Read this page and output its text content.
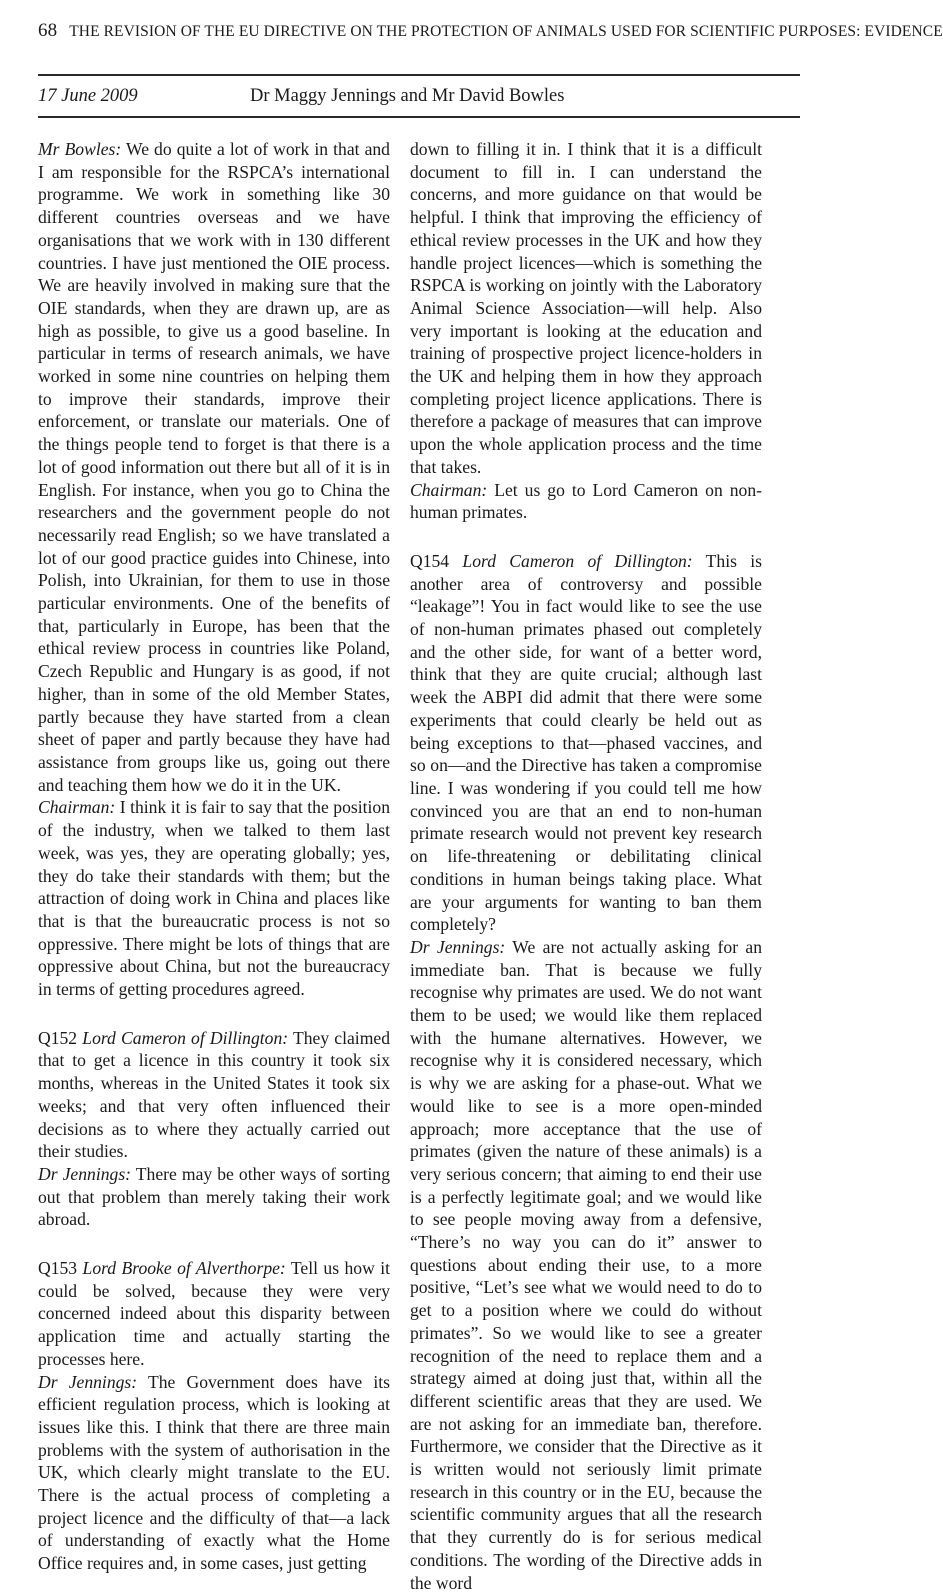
68 THE REVISION OF THE EU DIRECTIVE ON THE PROTECTION OF ANIMALS USED FOR SCIENTIFIC PURPOSES: EVIDENCE
17 June 2009	Dr Maggy Jennings and Mr David Bowles

Mr Bowles: We do quite a lot of work in that and I am responsible for the RSPCA’s international programme. We work in something like 30 different countries overseas and we have organisations that we work with in 130 different countries. I have just mentioned the OIE process. We are heavily involved in making sure that the OIE standards, when they are drawn up, are as high as possible, to give us a good baseline. In particular in terms of research animals, we have worked in some nine countries on helping them to improve their standards, improve their enforcement, or translate our materials. One of the things people tend to forget is that there is a lot of good information out there but all of it is in English. For instance, when you go to China the researchers and the government people do not necessarily read English; so we have translated a lot of our good practice guides into Chinese, into Polish, into Ukrainian, for them to use in those particular environments. One of the benefits of that, particularly in Europe, has been that the ethical review process in countries like Poland, Czech Republic and Hungary is as good, if not higher, than in some of the old Member States, partly because they have started from a clean sheet of paper and partly because they have had assistance from groups like us, going out there and teaching them how we do it in the UK.

Chairman: I think it is fair to say that the position of the industry, when we talked to them last week, was yes, they are operating globally; yes, they do take their standards with them; but the attraction of doing work in China and places like that is that the bureaucratic process is not so oppressive. There might be lots of things that are oppressive about China, but not the bureaucracy in terms of getting procedures agreed.

Q152 Lord Cameron of Dillington: They claimed that to get a licence in this country it took six months, whereas in the United States it took six weeks; and that very often influenced their decisions as to where they actually carried out their studies.

Dr Jennings: There may be other ways of sorting out that problem than merely taking their work abroad.

Q153 Lord Brooke of Alverthorpe: Tell us how it could be solved, because they were very concerned indeed about this disparity between application time and actually starting the processes here.

Dr Jennings: The Government does have its efficient regulation process, which is looking at issues like this. I think that there are three main problems with the system of authorisation in the UK, which clearly might translate to the EU. There is the actual process of completing a project licence and the difficulty of that—a lack of understanding of exactly what the Home Office requires and, in some cases, just getting

down to filling it in. I think that it is a difficult document to fill in. I can understand the concerns, and more guidance on that would be helpful. I think that improving the efficiency of ethical review processes in the UK and how they handle project licences—which is something the RSPCA is working on jointly with the Laboratory Animal Science Association—will help. Also very important is looking at the education and training of prospective project licence-holders in the UK and helping them in how they approach completing project licence applications. There is therefore a package of measures that can improve upon the whole application process and the time that takes.

Chairman: Let us go to Lord Cameron on non-human primates.

Q154 Lord Cameron of Dillington: This is another area of controversy and possible “leakage”! You in fact would like to see the use of non-human primates phased out completely and the other side, for want of a better word, think that they are quite crucial; although last week the ABPI did admit that there were some experiments that could clearly be held out as being exceptions to that—phased vaccines, and so on—and the Directive has taken a compromise line. I was wondering if you could tell me how convinced you are that an end to non-human primate research would not prevent key research on life-threatening or debilitating clinical conditions in human beings taking place. What are your arguments for wanting to ban them completely?

Dr Jennings: We are not actually asking for an immediate ban. That is because we fully recognise why primates are used. We do not want them to be used; we would like them replaced with the humane alternatives. However, we recognise why it is considered necessary, which is why we are asking for a phase-out. What we would like to see is a more open-minded approach; more acceptance that the use of primates (given the nature of these animals) is a very serious concern; that aiming to end their use is a perfectly legitimate goal; and we would like to see people moving away from a defensive, “There’s no way you can do it” answer to questions about ending their use, to a more positive, “Let’s see what we would need to do to get to a position where we could do without primates”. So we would like to see a greater recognition of the need to replace them and a strategy aimed at doing just that, within all the different scientific areas that they are used. We are not asking for an immediate ban, therefore. Furthermore, we consider that the Directive as it is written would not seriously limit primate research in this country or in the EU, because the scientific community argues that all the research that they currently do is for serious medical conditions. The wording of the Directive adds in the word
